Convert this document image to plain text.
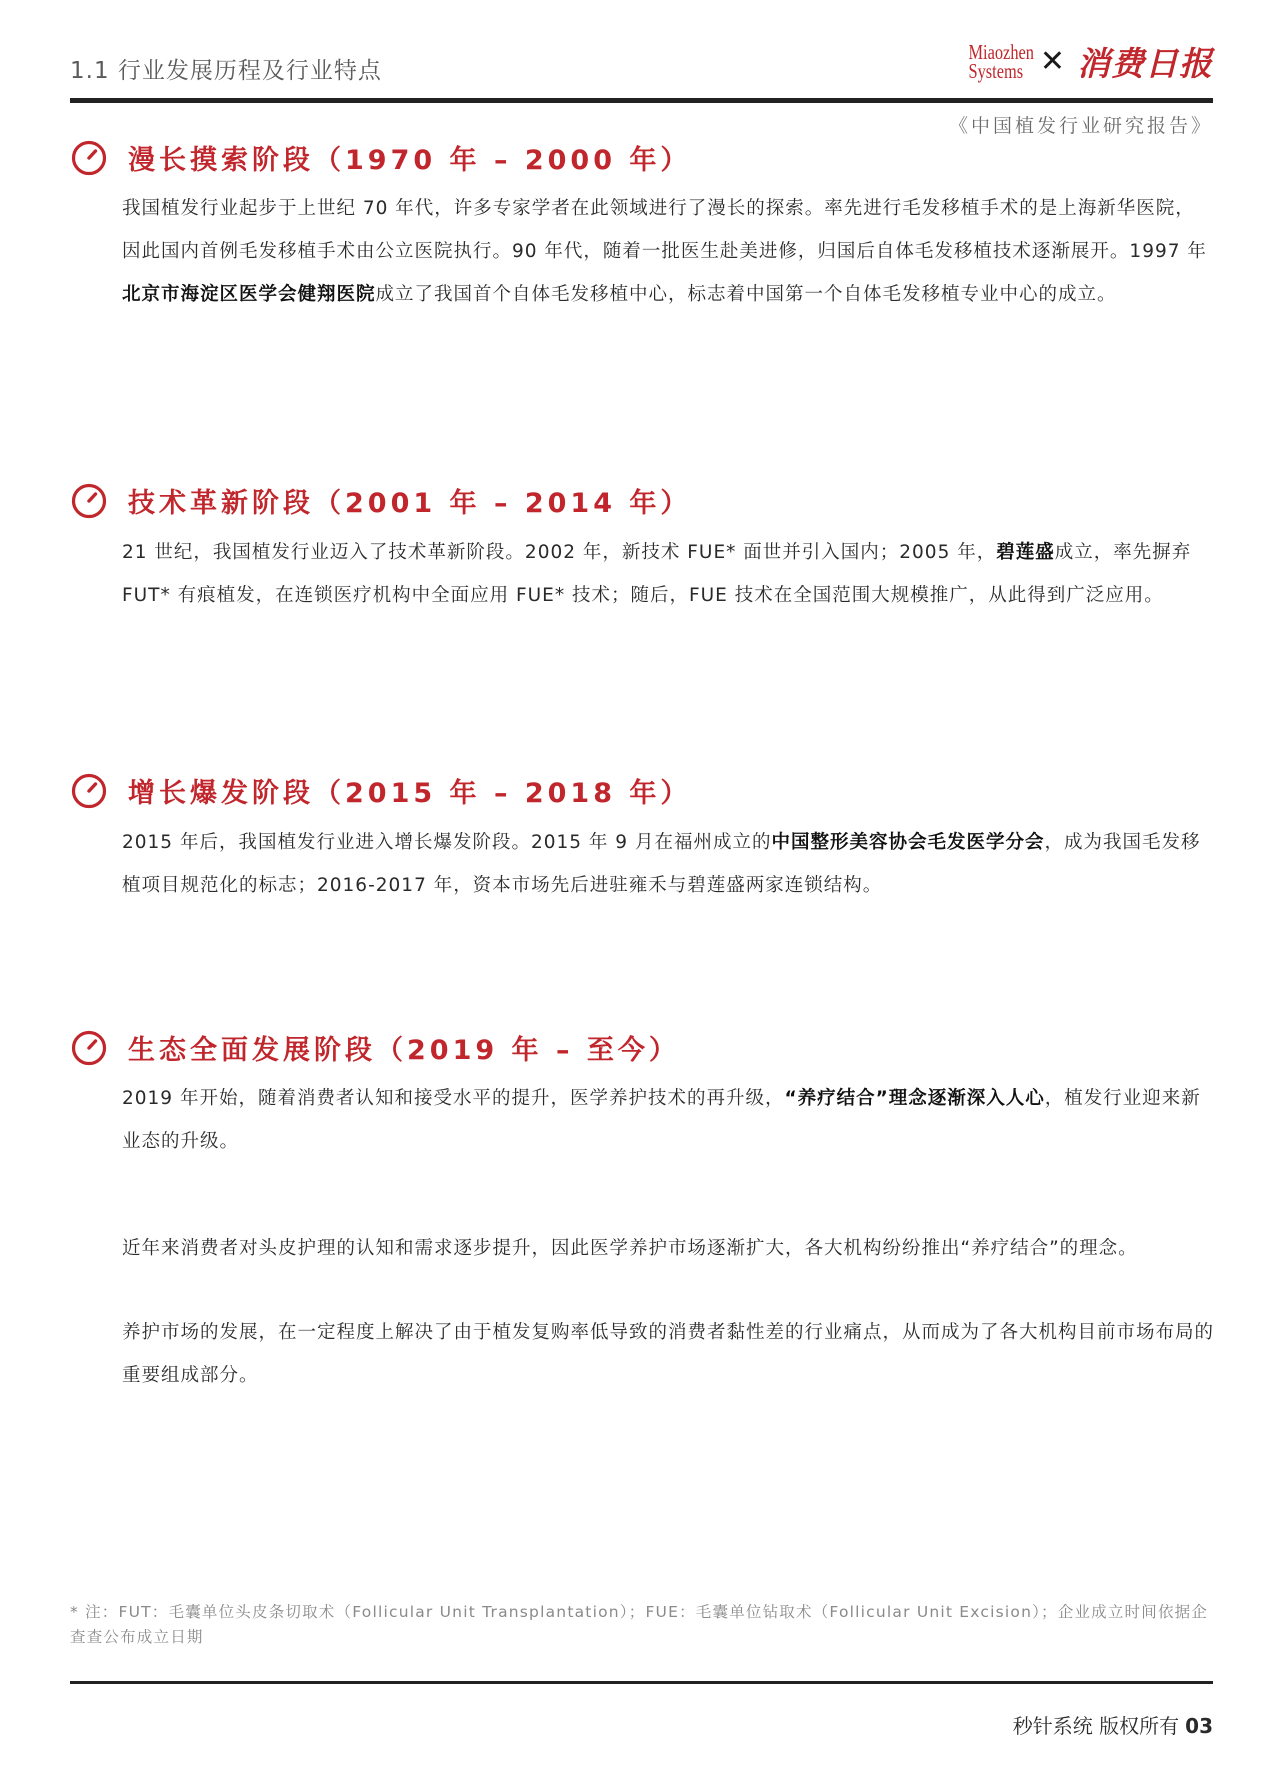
1.1 行业发展历程及行业特点
Miaozhen
Systems ✕ 消费日报
《中国植发行业研究报告》
漫长摸索阶段（1970 年 – 2000 年）
我国植发行业起步于上世纪 70 年代，许多专家学者在此领域进行了漫长的探索。率先进行毛发移植手术的是上海新华医院，因此国内首例毛发移植手术由公立医院执行。90 年代，随着一批医生赴美进修，归国后自体毛发移植技术逐渐展开。1997 年北京市海淀区医学会健翔医院成立了我国首个自体毛发移植中心，标志着中国第一个自体毛发移植专业中心的成立。
技术革新阶段（2001 年 – 2014 年）
21 世纪，我国植发行业迈入了技术革新阶段。2002 年，新技术 FUE* 面世并引入国内；2005 年，碧莲盛成立，率先摒弃 FUT* 有痕植发，在连锁医疗机构中全面应用 FUE* 技术；随后，FUE 技术在全国范围大规模推广，从此得到广泛应用。
增长爆发阶段（2015 年 – 2018 年）
2015 年后，我国植发行业进入增长爆发阶段。2015 年 9 月在福州成立的中国整形美容协会毛发医学分会，成为我国毛发移植项目规范化的标志；2016-2017 年，资本市场先后进驻雍禾与碧莲盛两家连锁结构。
生态全面发展阶段（2019 年 – 至今）
2019 年开始，随着消费者认知和接受水平的提升，医学养护技术的再升级，“养疗结合”理念逐渐深入人心，植发行业迎来新业态的升级。
近年来消费者对头皮护理的认知和需求逐步提升，因此医学养护市场逐渐扩大，各大机构纷纷推出“养疗结合”的理念。
养护市场的发展，在一定程度上解决了由于植发复购率低导致的消费者黏性差的行业痛点，从而成为了各大机构目前市场布局的重要组成部分。
* 注：FUT：毛囊单位头皮条切取术（Follicular Unit Transplantation）；FUE：毛囊单位钻取术（Follicular Unit Excision）；企业成立时间依据企查查公布成立日期
秒针系统 版权所有 03
